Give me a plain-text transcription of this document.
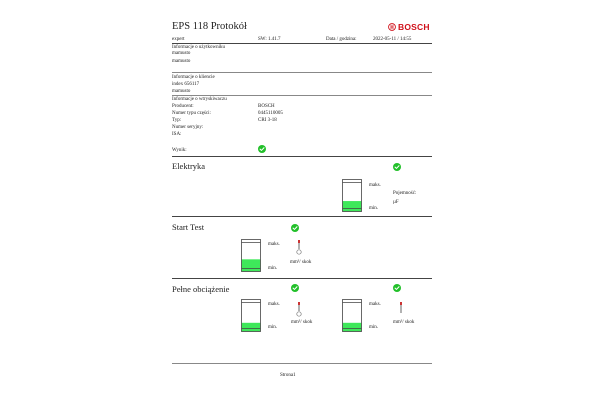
EPS 118 Protokół	BOSCH
expert	SW: 1.41.7	Data / godzina:	2022-05-11 / 14:55
Informacje o użytkowniku
mamusto
mamusto
Informacje o kliencie
index 656117
mamusto
Informacje o wtryskiwaczu
Producent:	BOSCH
Numer typu części:	0445110005
Typ:	CRI 3-18
Numer seryjny:
ISA:
Wynik:
Elektryka
maks.
min.
Pojemność:
µF
Start Test
maks.
min.
mm³/ skok
Pełne obciążenie
maks.
min.
mm³/ skok
maks.
min.
mm³/ skok
Strona1
